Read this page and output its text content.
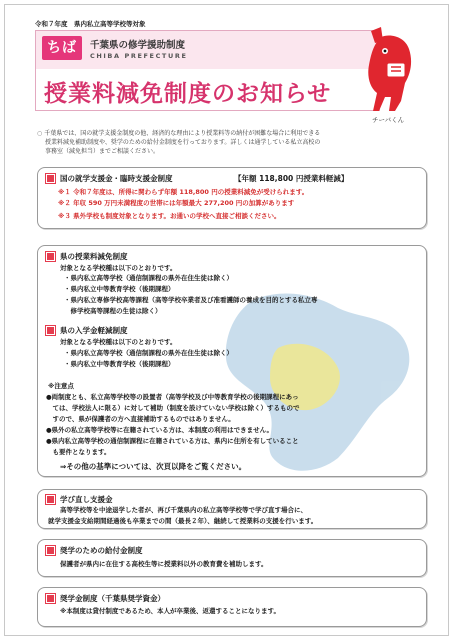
令和７年度　県内私立高等学校等対象
ちば	千葉県の修学援助制度
CHIBA PREFECTURE
授業料減免制度のお知らせ
チーバくん
○ 千葉県では、国の就学支援金制度の他、経済的な理由により授業料等の納付が困難な場合に利用できる
授業料減免補助制度や、奨学のための給付金制度を行っております。詳しくは通学している私立高校の
事務室（減免担当）までご相談ください。
国の就学支援金・臨時支援金制度	【年額 118,800 円授業料軽減】
※１ 令和７年度は、所得に関わらず年額 118,800 円の授業料減免が受けられます。
※２ 年収 590 万円未満程度の世帯には年額最大 277,200 円の加算があります
※３ 県外学校も制度対象となります。お通いの学校へ直接ご相談ください。
県の授業料減免制度
対象となる学校種は以下のとおりです。
・県内私立高等学校（通信制課程の県外在住生徒は除く）
・県内私立中等教育学校（後期課程）
・県内私立専修学校高等課程（高等学校卒業者及び准看護師の養成を目的とする私立専
　修学校高等課程の生徒は除く）
県の入学金軽減制度
対象となる学校種は以下のとおりです。
・県内私立高等学校（通信制課程の県外在住生徒は除く）
・県内私立中等教育学校（後期課程）
※注意点
●両制度とも、私立高等学校等の設置者（高等学校及び中等教育学校の後期課程にあっ
　ては、学校法人に限る）に対して補助（制度を設けていない学校は除く）するもので
　すので、県が保護者の方へ直接補助するものではありません。
●県外の私立高等学校等に在籍されている方は、本制度の利用はできません。
●県内私立高等学校の通信制課程に在籍されている方は、県内に住所を有していること
　も要件となります。
⇒その他の基準については、次頁以降をご覧ください。
学び直し支援金
高等学校等を中途退学した者が、再び千葉県内の私立高等学校等で学び直す場合に、
就学支援金支給期間経過後も卒業までの間（最長２年）、継続して授業料の支援を行います。
奨学のための給付金制度
保護者が県内に在住する高校生等に授業料以外の教育費を補助します。
奨学金制度（千葉県奨学資金）
※本制度は貸付制度であるため、本人が卒業後、返還することになります。
